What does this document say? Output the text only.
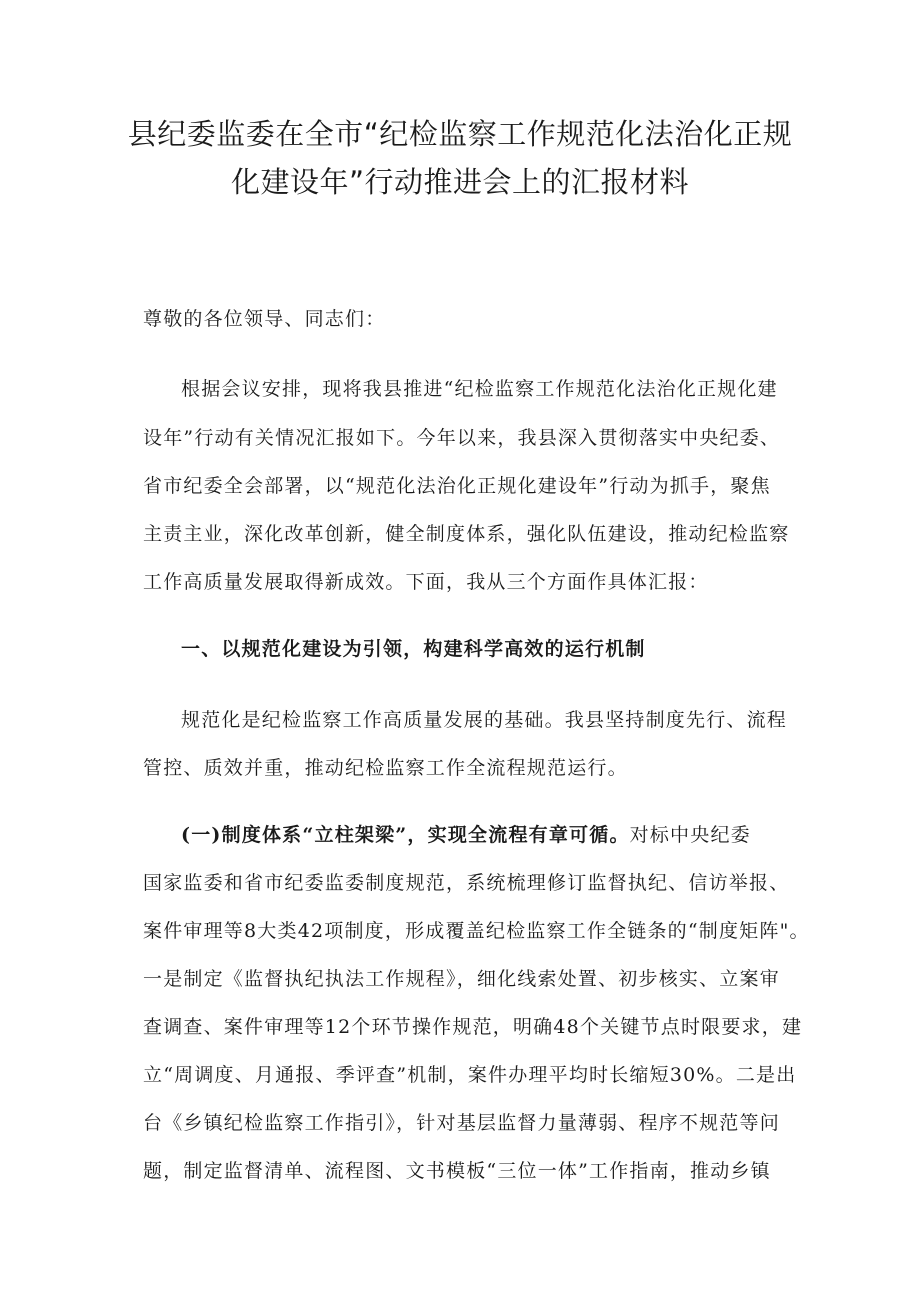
县纪委监委在全市“纪检监察工作规范化法治化正规
化建设年”行动推进会上的汇报材料
尊敬的各位领导、同志们：
根据会议安排，现将我县推进“纪检监察工作规范化法治化正规化建
设年”行动有关情况汇报如下。今年以来，我县深入贯彻落实中央纪委、
省市纪委全会部署，以“规范化法治化正规化建设年”行动为抓手，聚焦
主责主业，深化改革创新，健全制度体系，强化队伍建设，推动纪检监察
工作高质量发展取得新成效。下面，我从三个方面作具体汇报：
一、以规范化建设为引领，构建科学高效的运行机制
规范化是纪检监察工作高质量发展的基础。我县坚持制度先行、流程
管控、质效并重，推动纪检监察工作全流程规范运行。
(一)制度体系“立柱架梁”，实现全流程有章可循。对标中央纪委
国家监委和省市纪委监委制度规范，系统梳理修订监督执纪、信访举报、
案件审理等8大类42项制度，形成覆盖纪检监察工作全链条的“制度矩阵"。
一是制定《监督执纪执法工作规程》，细化线索处置、初步核实、立案审
查调查、案件审理等12个环节操作规范，明确48个关键节点时限要求，建
立“周调度、月通报、季评查”机制，案件办理平均时长缩短30%。二是出
台《乡镇纪检监察工作指引》，针对基层监督力量薄弱、程序不规范等问
题，制定监督清单、流程图、文书模板“三位一体”工作指南，推动乡镇
